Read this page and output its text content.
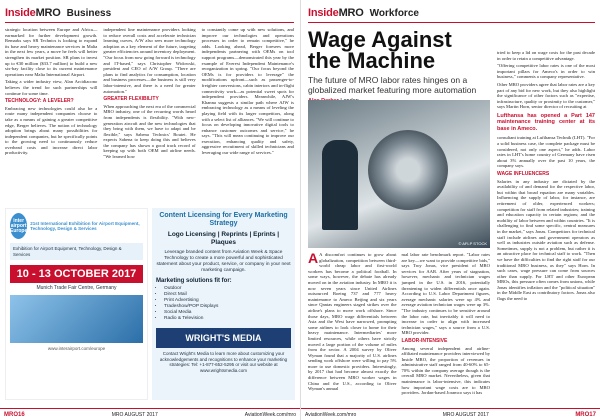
InsideMRO Business

strategic location between Europe and Africa—earmarked for further development growth. Remarks says SR Technics is looking to expand its base and heavy maintenance services in Malta in the next few years, a move he feels will better strengthen its market position. SR plans to invest up to €30 million ($33.7 million) to build a new six-bay facility close to its current maintenance operations near Malta International Airport.

Taking a wider industry view, Alan Arcidiacono believes the trend for such partnerships will continue for some time.

TECHNOLOGY: A LEVELER?

Embracing new technologies could also be a route many independent companies choose to take as a means of gaining a greater competitive edge, Berger believes. The notion of technology adoption brings about many possibilities for independent companies, but he specifically points to the growing need to continuously reduce overhead costs and increase direct labor productivity.

independent line maintenance providers looking to reduce overall costs and accelerate technician learning curves, A/W also sees more technology adoption as a key element of the future, targeting greater efficiencies around inventory deployment. "Our focus from now going forward is technology and IT-based," says Christopher Widowski, president and CEO of A/W Group. "There are plans to find analytics for consumption, location and business processes—the business is still very labor-intensive, and there is a need for greater automation."

GREATER FLEXIBILITY

When approaching the next era of the commercial MRO industry, one of the recurring words heard from independents is flexibility. "With new-generation aircraft and the new technologies that they bring with them, we have to adapt and be flexible," says Sabena Technics' Boutet. He expects Sabena to keep doing this and believes the company has shown a good track record of keeping up with both OEM and airline needs. "We learned how

to constantly come up with new solutions, and improve our technologies and operations processes in order to remain competitive," he adds. Looking ahead, Berger foresees more independents partnering with OEMs on tool support programs—demonstrated this year by the example of Everest Independent Maintenance's reorganization in spring. "Our focus beyond the OEMs is for providers to leverage" the modifications upfront—such as passenger-to-freighter conversions, cabin interiors and in-flight connectivity work—as potential sweet spots for independent providers. Meanwhile, AJW's Khanna suggests a similar path where AJW is embracing technology as a means of leveling the playing field with its larger competitors, along with a select list of alliances. "We will continue to focus on developing innovative digital tools to enhance customer outcomes and service," he says. "This will mean continuing to improve our execution, enhancing quality and safety, aggressive recruitment of skilled technicians and leveraging our wide range of services."

inter airport Europe
21st International Exhibition for Airport Equipment, Technology, Design & Services
Exhibition for Airport Equipment, Technology, Design & Services
10 - 13 OCTOBER 2017
Munich Trade Fair Centre, Germany
www.interairport.com/europe
Content Licensing for Every Marketing Strategy
Logo Licensing | Reprints | Eprints | Plaques
Leverage branded content from Aviation Week & Space Technology to create a more powerful and sophisticated statement about your product, service, or company in your next marketing campaign.
Marketing solutions fit for:
• Outdoor
• Direct Mail
• Print Advertising
• Tradeshow/POP Displays
• Social Media
• Radio & Television
WRIGHT'S MEDIA
Contact Wright's Media to learn more about customizing your acknowledgements and recognitions to enhance your marketing strategies: Tel: +1-877-652-5295 or visit our website at www.wrightsmedia.com
MRO16	MRO AUGUST 2017	AviationWeek.com/mro
InsideMRO Workforce
Wage Against the Machine
The future of MRO labor rates hinges on a globalized market featuring more automation
© AFLP STOCK

tried to keep a lid on wage costs for the past decade in order to retain a competitive advantage.

"Offering competitive labor rates is one of the most important pillars for Ameco's in order to win business," comments a company representative.

Other MRO providers agree that labor rates are a key part of any bid for new work, but they also highlight the significance of other factors such as "expertise, infrastructure, quality or proximity to the customer," says Martin Horn, senior director of recruiting at

Lufthansa has opened a Part 147 maintenance training center at its base in Ameco.

consultant training at Lufthansa Technik (LHT). "For a solid business case, the complete package must be considered, not only one aspect," he adds. Labor rates in LHT's home country of Germany have risen about 3% annually over the past 10 years, the company says.

WAGE INFLUENCERS

Salaries in any industry are dictated by the availability of and demand for the respective labor, but within that broad equation are many variables. Influencing the supply of labor, for instance, are retirement of older, experienced workers; competition for staff from related industries; training and education capacity in certain regions; and the mobility of labor between and within countries. "It is challenging to find some specific, central measures in the market," says Jonas. Competitors for technical staff include airlines and government operators as well as industries outside aviation such as defense. Sometimes, supply is not a problem, but rather it is an attractive place for technical staff to work. "Then we have the difficulties to find the right staff for our traditional MRO business, as they" says Horn. In such cases, wage pressure can come from sources other than supply. For LHT and other European MROs, this pressure often comes from unions, while Jonas identifies inflation and the "political situation" in the Middle East as contributory factors. Jonas also flags the need to

A A discomfort continues to grow about globalization, competition between third-world cheap labor and first-world workers has become a political football. In some ways, however, the debate has already moved on in the aviation industry. In MRO it is now seven years since United Airlines outsourced Boeing 737 and 777 heavy maintenance to Ameco Beijing and six years since Qantas engineers staged strikes over the airline's plans to move work offshore. Since those days, MRO wage differentials between Asia and the West have narrowed, prompting some airlines to look closer to home for their heavy maintenance. Intermediaries' more limited resources, while others have strictly moved a large portion of the volume of miles from the sector. A 2004 survey by Oliver Wyman found that a majority of U.S. airlines sending work offshore were willing to pay 5% more to use domestic providers. Interestingly, by 2017 that had become almost exactly the difference between MRO worker wages in China and the U.S., according to Oliver Wyman's annual

mal labor rate benchmark report. "Labor rates are key—we want to provide competitive bids," says Troy Jonas, vice president of MRO services for AAR. After years of stagnation, however, mechanic and technician wages jumped in the U.S. in 2016, potentially threatening to widen differentials once again. According to U.S. Labor Department figures, average mechanic salaries were up 4% and average aviation technician wages were up 3%. "The industry continues to be sensitive around the labor rate, but inevitably it will need to increase in order to align with increased technician wages," says a source from a U.S. MRO provider.

LABOR-INTENSIVE

Among several independent and airline-affiliated maintenance providers interviewed by Inside MRO, the proportion of revenues in administrative staff ranged from 40-60% to 65-70% within the company average though is the overall MRO market. Nevertheless, given that maintenance is labor-intensive, this indicates how important wage costs are to MRO providers. Jordan-based Joramco says it has

AviationWeek.com/mro	MRO AUGUST 2017	MRO17
